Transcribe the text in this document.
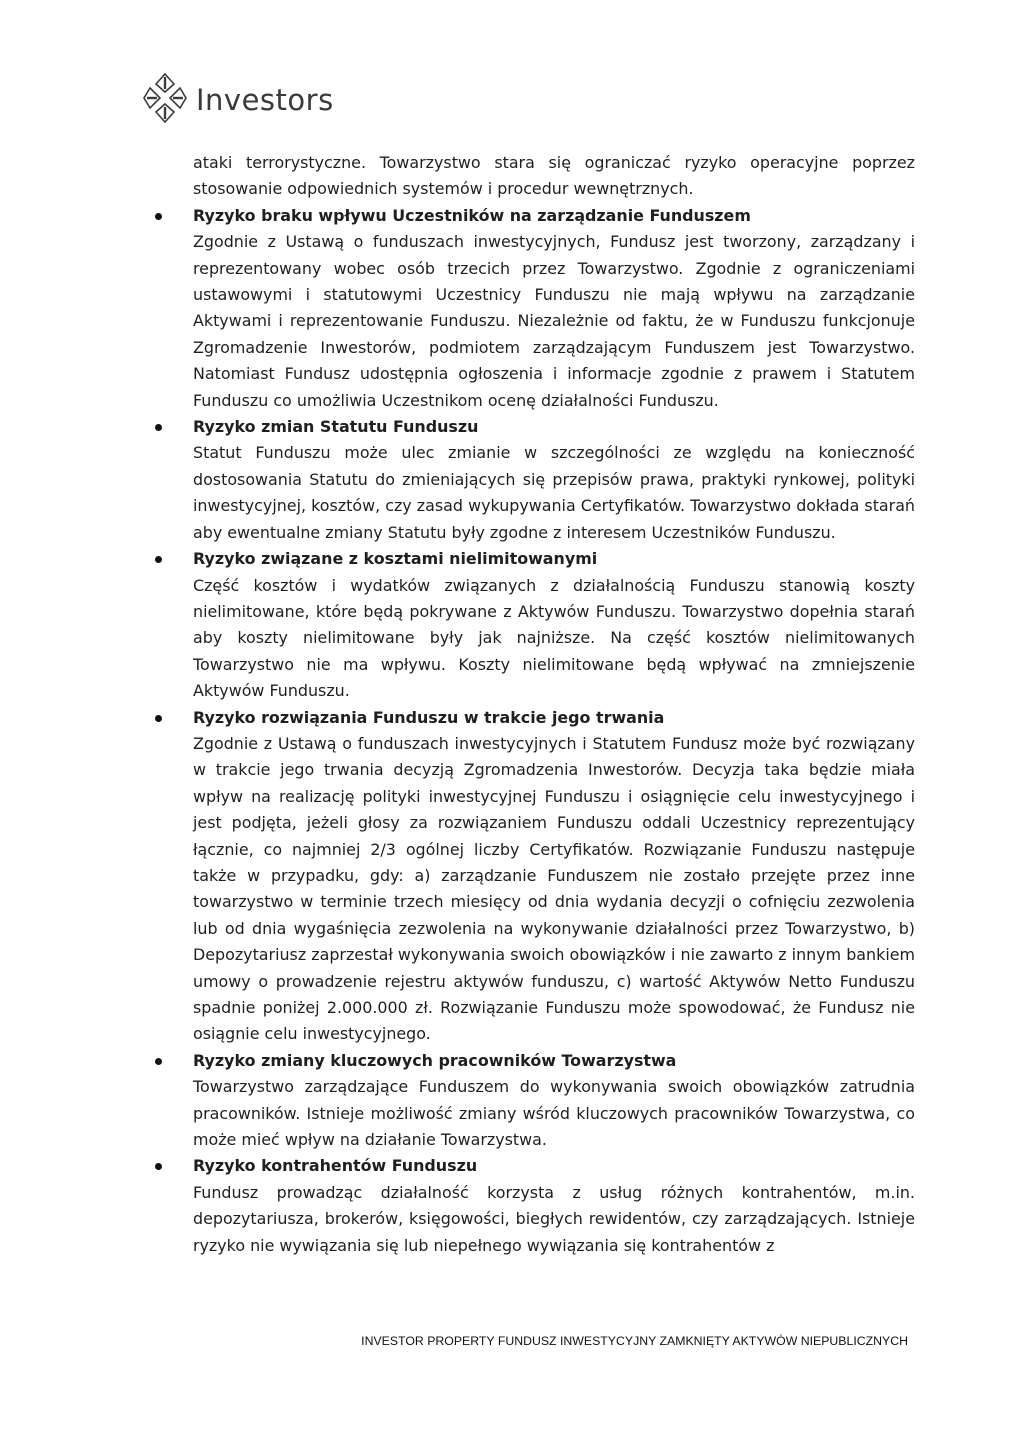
Investors

ataki terrorystyczne. Towarzystwo stara się ograniczać ryzyko operacyjne poprzez stosowanie odpowiednich systemów i procedur wewnętrznych.

Ryzyko braku wpływu Uczestników na zarządzanie Funduszem

Zgodnie z Ustawą o funduszach inwestycyjnych, Fundusz jest tworzony, zarządzany i reprezentowany wobec osób trzecich przez Towarzystwo. Zgodnie z ograniczeniami ustawowymi i statutowymi Uczestnicy Funduszu nie mają wpływu na zarządzanie Aktywami i reprezentowanie Funduszu. Niezależnie od faktu, że w Funduszu funkcjonuje Zgromadzenie Inwestorów, podmiotem zarządzającym Funduszem jest Towarzystwo. Natomiast Fundusz udostępnia ogłoszenia i informacje zgodnie z prawem i Statutem Funduszu co umożliwia Uczestnikom ocenę działalności Funduszu.

Ryzyko zmian Statutu Funduszu

Statut Funduszu może ulec zmianie w szczególności ze względu na konieczność dostosowania Statutu do zmieniających się przepisów prawa, praktyki rynkowej, polityki inwestycyjnej, kosztów, czy zasad wykupywania Certyfikatów. Towarzystwo dokłada starań aby ewentualne zmiany Statutu były zgodne z interesem Uczestników Funduszu.

Ryzyko związane z kosztami nielimitowanymi

Część kosztów i wydatków związanych z działalnością Funduszu stanowią koszty nielimitowane, które będą pokrywane z Aktywów Funduszu. Towarzystwo dopełnia starań aby koszty nielimitowane były jak najniższe. Na część kosztów nielimitowanych Towarzystwo nie ma wpływu. Koszty nielimitowane będą wpływać na zmniejszenie Aktywów Funduszu.

Ryzyko rozwiązania Funduszu w trakcie jego trwania

Zgodnie z Ustawą o funduszach inwestycyjnych i Statutem Fundusz może być rozwiązany w trakcie jego trwania decyzją Zgromadzenia Inwestorów. Decyzja taka będzie miała wpływ na realizację polityki inwestycyjnej Funduszu i osiągnięcie celu inwestycyjnego i jest podjęta, jeżeli głosy za rozwiązaniem Funduszu oddali Uczestnicy reprezentujący łącznie, co najmniej 2/3 ogólnej liczby Certyfikatów. Rozwiązanie Funduszu następuje także w przypadku, gdy: a) zarządzanie Funduszem nie zostało przejęte przez inne towarzystwo w terminie trzech miesięcy od dnia wydania decyzji o cofnięciu zezwolenia lub od dnia wygaśnięcia zezwolenia na wykonywanie działalności przez Towarzystwo, b) Depozytariusz zaprzestał wykonywania swoich obowiązków i nie zawarto z innym bankiem umowy o prowadzenie rejestru aktywów funduszu, c) wartość Aktywów Netto Funduszu spadnie poniżej 2.000.000 zł. Rozwiązanie Funduszu może spowodować, że Fundusz nie osiągnie celu inwestycyjnego.

Ryzyko zmiany kluczowych pracowników Towarzystwa

Towarzystwo zarządzające Funduszem do wykonywania swoich obowiązków zatrudnia pracowników. Istnieje możliwość zmiany wśród kluczowych pracowników Towarzystwa, co może mieć wpływ na działanie Towarzystwa.

Ryzyko kontrahentów Funduszu

Fundusz prowadząc działalność korzysta z usług różnych kontrahentów, m.in. depozytariusza, brokerów, księgowości, biegłych rewidentów, czy zarządzających. Istnieje ryzyko nie wywiązania się lub niepełnego wywiązania się kontrahentów z

INVESTOR PROPERTY FUNDUSZ INWESTYCYJNY ZAMKNIĘTY AKTYWÓW NIEPUBLICZNYCH
